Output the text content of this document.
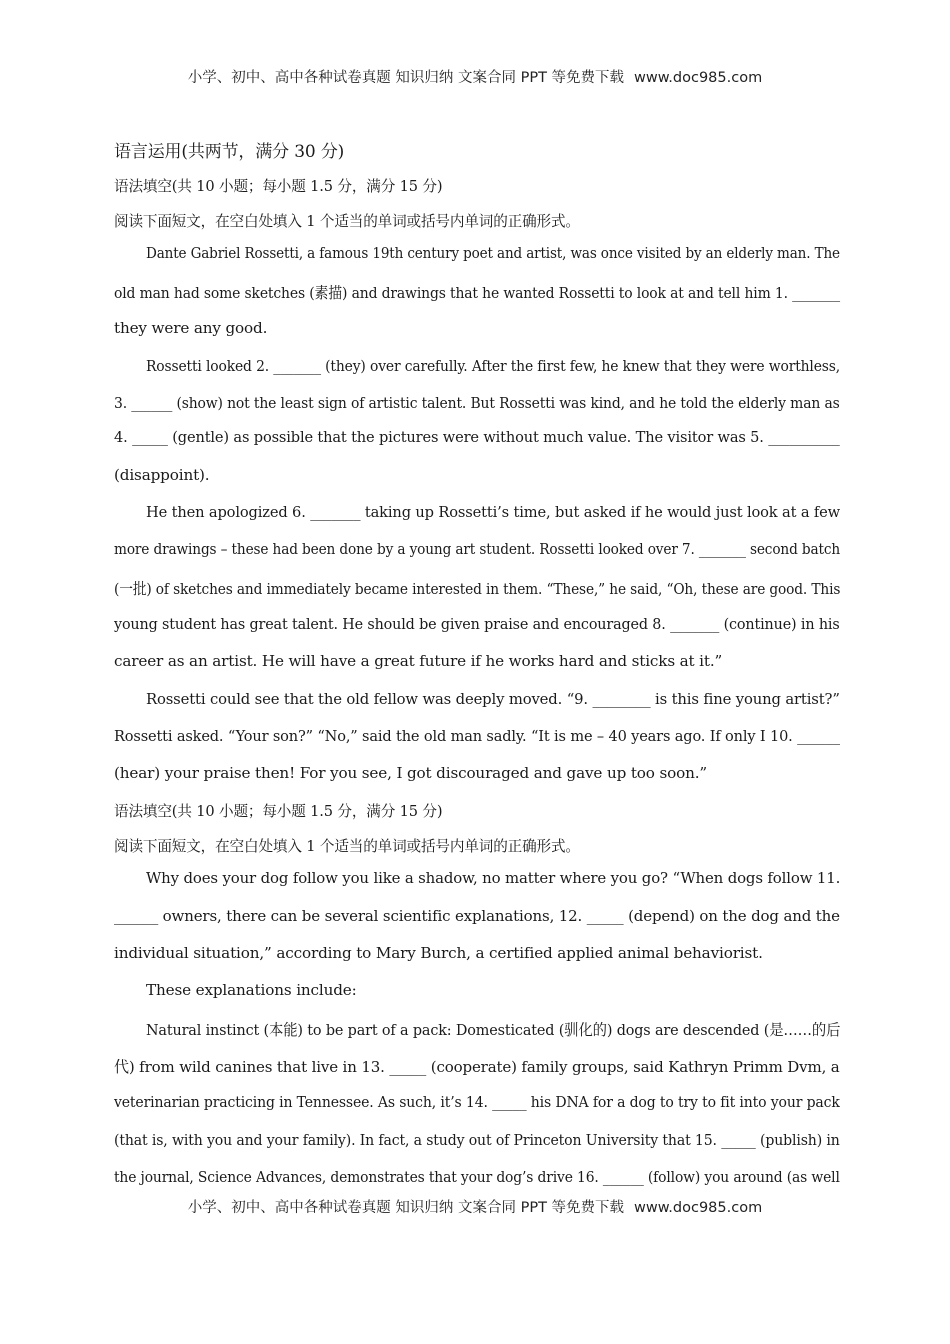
小学、初中、高中各种试卷真题 知识归纳 文案合同 PPT 等免费下载 www.doc985.com
语言运用(共两节，满分 30 分)
语法填空(共 10 小题；每小题 1.5 分，满分 15 分)
阅读下面短文，在空白处填入 1 个适当的单词或括号内单词的正确形式。
Dante Gabriel Rossetti, a famous 19th century poet and artist, was once visited by an elderly man. The
old man had some sketches (素描) and drawings that he wanted Rossetti to look at and tell him 1. _______
they were any good.
Rossetti looked 2. _______ (they) over carefully. After the first few, he knew that they were worthless,
3. ______ (show) not the least sign of artistic talent. But Rossetti was kind, and he told the elderly man as
4. _____ (gentle) as possible that the pictures were without much value. The visitor was 5. __________
(disappoint).
He then apologized 6. _______ taking up Rossetti’s time, but asked if he would just look at a few
more drawings – these had been done by a young art student. Rossetti looked over 7. _______ second batch
(一批) of sketches and immediately became interested in them. “These,” he said, “Oh, these are good. This
young student has great talent. He should be given praise and encouraged 8. _______ (continue) in his
career as an artist. He will have a great future if he works hard and sticks at it.”
Rossetti could see that the old fellow was deeply moved. “9. ________ is this fine young artist?”
Rossetti asked. “Your son?” “No,” said the old man sadly. “It is me – 40 years ago. If only I 10. ______
(hear) your praise then! For you see, I got discouraged and gave up too soon.”
语法填空(共 10 小题；每小题 1.5 分，满分 15 分)
阅读下面短文，在空白处填入 1 个适当的单词或括号内单词的正确形式。
Why does your dog follow you like a shadow, no matter where you go? “When dogs follow 11.
______ owners, there can be several scientific explanations, 12. _____ (depend) on the dog and the
individual situation,” according to Mary Burch, a certified applied animal behaviorist.
These explanations include:
Natural instinct (本能) to be part of a pack: Domesticated (驯化的) dogs are descended (是……的后
代) from wild canines that live in 13. _____ (cooperate) family groups, said Kathryn Primm Dvm, a
veterinarian practicing in Tennessee. As such, it’s 14. _____ his DNA for a dog to try to fit into your pack
(that is, with you and your family). In fact, a study out of Princeton University that 15. _____ (publish) in
the journal, Science Advances, demonstrates that your dog’s drive 16. ______ (follow) you around (as well
小学、初中、高中各种试卷真题 知识归纳 文案合同 PPT 等免费下载 www.doc985.com
